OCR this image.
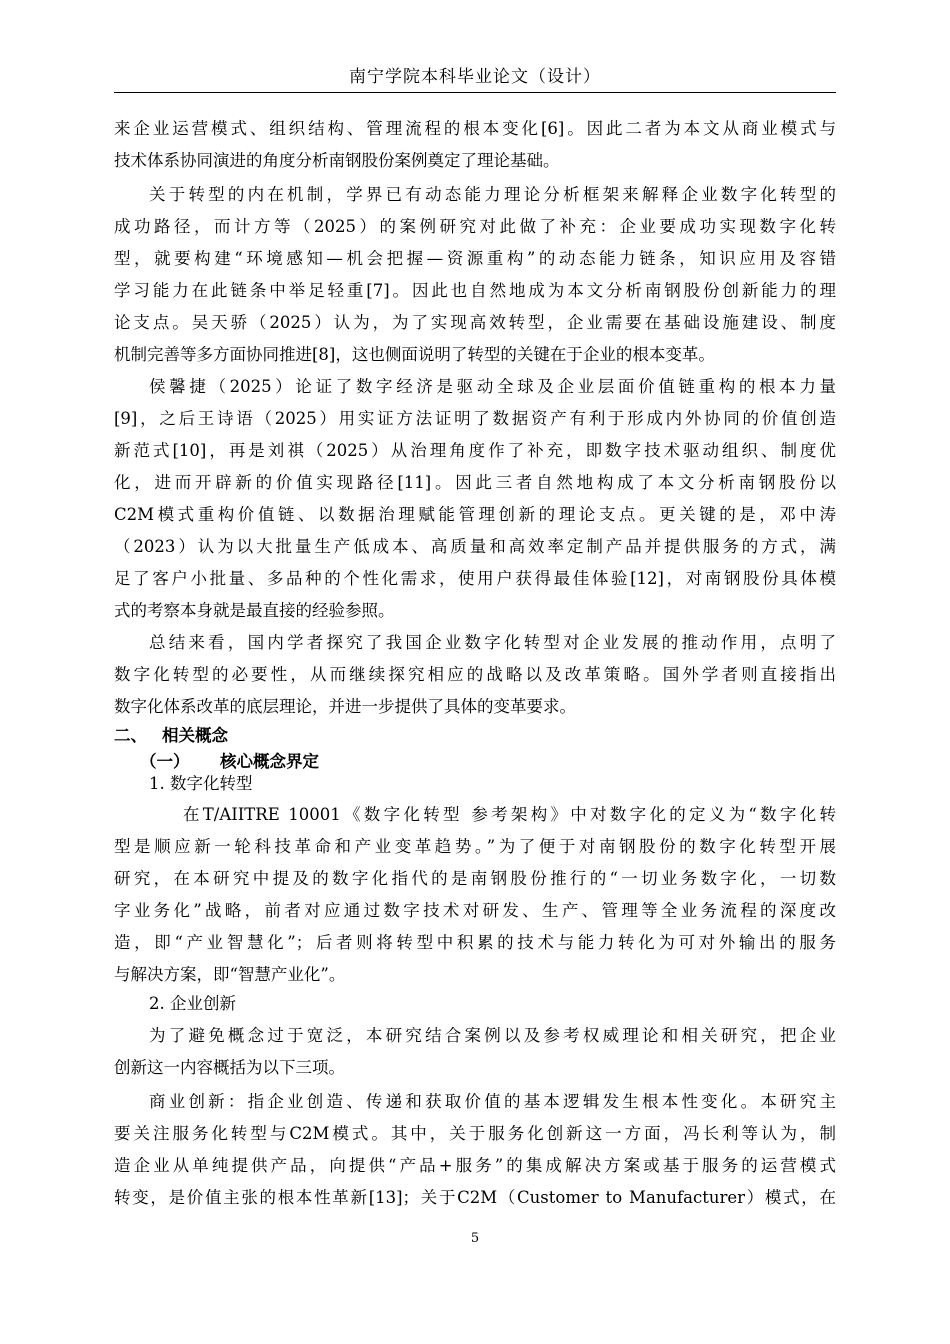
南宁学院本科毕业论文（设计）
来企业运营模式、组织结构、管理流程的根本变化[6]。因此二者为本文从商业模式与
技术体系协同演进的角度分析南钢股份案例奠定了理论基础。
关于转型的内在机制，学界已有动态能力理论分析框架来解释企业数字化转型的
成功路径，而计方等（2025）的案例研究对此做了补充：企业要成功实现数字化转
型，就要构建“环境感知—机会把握—资源重构”的动态能力链条，知识应用及容错
学习能力在此链条中举足轻重[7]。因此也自然地成为本文分析南钢股份创新能力的理
论支点。吴天骄（2025）认为，为了实现高效转型，企业需要在基础设施建设、制度
机制完善等多方面协同推进[8]，这也侧面说明了转型的关键在于企业的根本变革。
侯馨捷（2025）论证了数字经济是驱动全球及企业层面价值链重构的根本力量
[9]，之后王诗语（2025）用实证方法证明了数据资产有利于形成内外协同的价值创造
新范式[10]，再是刘祺（2025）从治理角度作了补充，即数字技术驱动组织、制度优
化，进而开辟新的价值实现路径[11]。因此三者自然地构成了本文分析南钢股份以
C2M模式重构价值链、以数据治理赋能管理创新的理论支点。更关键的是，邓中涛
（2023）认为以大批量生产低成本、高质量和高效率定制产品并提供服务的方式，满
足了客户小批量、多品种的个性化需求，使用户获得最佳体验[12]，对南钢股份具体模
式的考察本身就是最直接的经验参照。
总结来看，国内学者探究了我国企业数字化转型对企业发展的推动作用，点明了
数字化转型的必要性，从而继续探究相应的战略以及改革策略。国外学者则直接指出
数字化体系改革的底层理论，并进一步提供了具体的变革要求。
二、 相关概念
（一） 核心概念界定
1. 数字化转型
在T/AIITRE 10001《数字化转型 参考架构》中对数字化的定义为“数字化转
型是顺应新一轮科技革命和产业变革趋势。”为了便于对南钢股份的数字化转型开展
研究，在本研究中提及的数字化指代的是南钢股份推行的“一切业务数字化，一切数
字业务化”战略，前者对应通过数字技术对研发、生产、管理等全业务流程的深度改
造，即“产业智慧化”；后者则将转型中积累的技术与能力转化为可对外输出的服务
与解决方案，即“智慧产业化”。
2. 企业创新
为了避免概念过于宽泛，本研究结合案例以及参考权威理论和相关研究，把企业
创新这一内容概括为以下三项。
商业创新：指企业创造、传递和获取价值的基本逻辑发生根本性变化。本研究主
要关注服务化转型与C2M模式。其中，关于服务化创新这一方面，冯长利等认为，制
造企业从单纯提供产品，向提供“产品+服务”的集成解决方案或基于服务的运营模式
转变，是价值主张的根本性革新[13]；关于C2M（Customer to Manufacturer）模式，在
5
